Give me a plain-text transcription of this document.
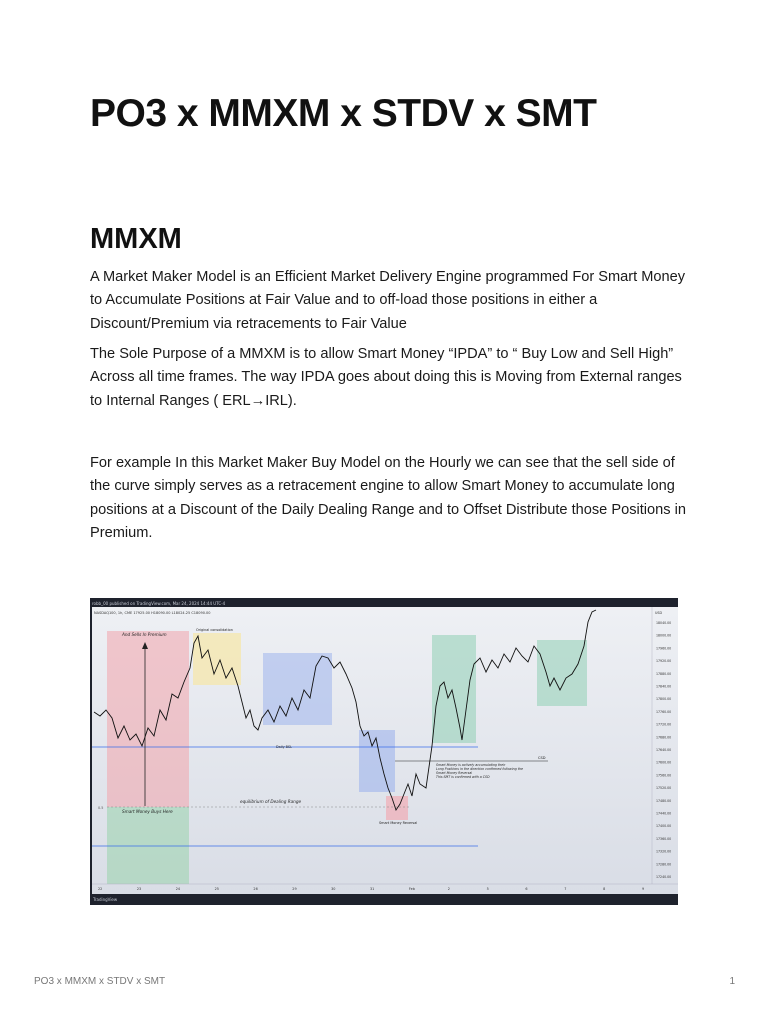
PO3 x MMXM x STDV x SMT
MMXM

A Market Maker Model is an Efficient Market Delivery Engine programmed For Smart Money to Accumulate Positions at Fair Value and to off-load those positions in either a Discount/Premium via retracements to Fair Value

The Sole Purpose of a MMXM is to allow Smart Money “IPDA” to “ Buy Low and Sell High” Across all time frames. The way IPDA goes about doing this is Moving from External ranges to Internal Ranges ( ERL→IRL).

For example In this Market Maker Buy Model on the Hourly we can see that the sell side of the curve simply serves as a retracement engine to allow Smart Money to accumulate long positions at a Discount of the Daily Dealing Range and to Offset Distribute those Positions in Premium.

robb_00 published on TradingView.com, Mar 24, 2024 14:44 UTC-4
NASDAQ100, 1h, CME 17925.00 H18090.00 L18024.25 C18090.00
And Sells In Premium
Original consolidation
Smart Money Buys Here
equilibrium of Dealing Range
0.5
Daily BSL
Smart Money Reversal
CSD
Smart Money is actively accumulating their
Long Positions in the direction confirmed following the
Smart Money Reversal
This SMT is confirmed with a CSD
USD
18040.00
18000.00
17960.00
17920.00
17880.00
17840.00
17800.00
17760.00
17720.00
17680.00
17640.00
17600.00
17560.00
17520.00
17480.00
17440.00
17400.00
17360.00
17320.00
17280.00
17240.00
22	23	24	25	26	29	30	31	Feb	2	5	6	7	8	9
TradingView
PO3 x MMXM x STDV x SMT	1
